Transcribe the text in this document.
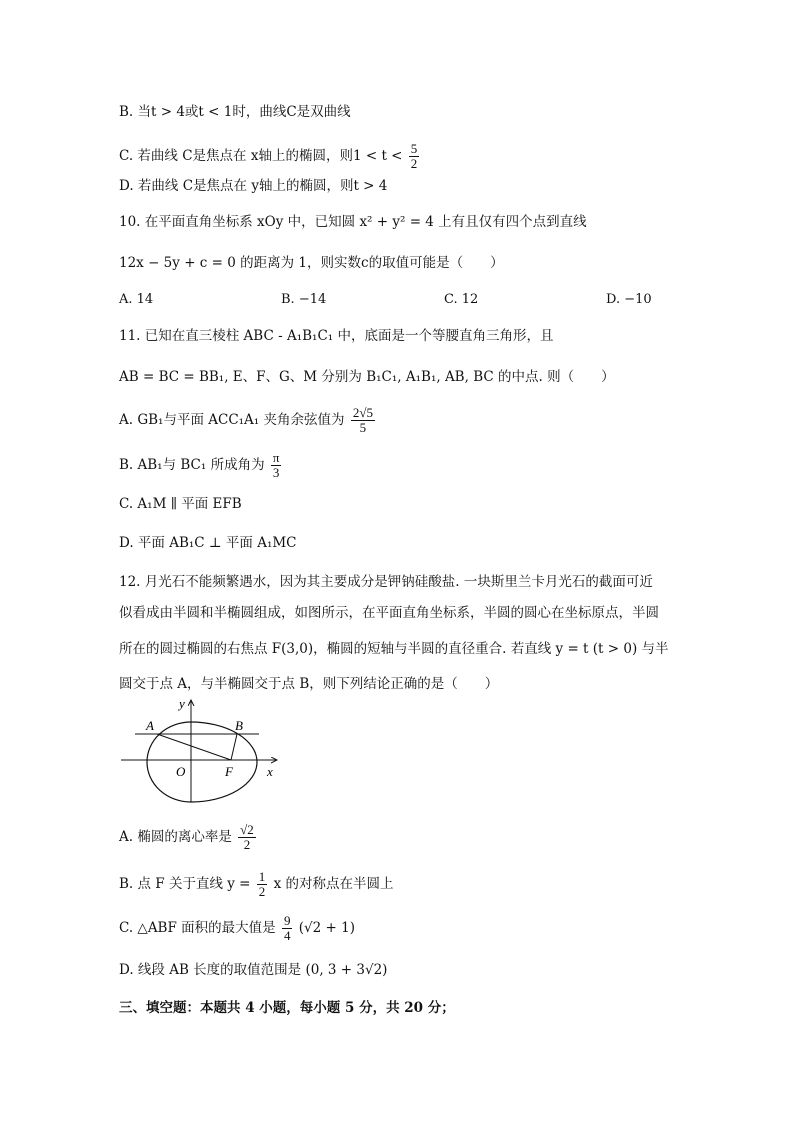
B. 当t > 4或t < 1时，曲线C是双曲线
C. 若曲线 C是焦点在 x轴上的椭圆，则$1 < t < \frac{5}{2}$
D. 若曲线 C是焦点在 y轴上的椭圆，则t > 4
10. 在平面直角坐标系 xOy 中，已知圆 x² + y² = 4 上有且仅有四个点到直线
12x − 5y + c = 0 的距离为 1，则实数c的取值可能是（　　）
A. 14	B. −14	C. 12	D. −10
11. 已知在直三棱柱 ABC - A₁B₁C₁ 中，底面是一个等腰直角三角形，且
AB = BC = BB₁, E、F、G、M 分别为 B₁C₁, A₁B₁, AB, BC 的中点. 则（　　）
A. GB₁与平面 ACC₁A₁ 夹角余弦值为 $\frac{2√5}{5}$
B. AB₁与 BC₁ 所成角为 $\frac{\pi}{3}$
C. A₁M ∥ 平面 EFB
D. 平面 AB₁C ⊥ 平面 A₁MC
12. 月光石不能频繁遇水，因为其主要成分是钾钠硅酸盐. 一块斯里兰卡月光石的截面可近
似看成由半圆和半椭圆组成，如图所示，在平面直角坐标系，半圆的圆心在坐标原点，半圆
所在的圆过椭圆的右焦点 F(3,0)，椭圆的短轴与半圆的直径重合. 若直线 y = t (t > 0) 与半
圆交于点 A，与半椭圆交于点 B，则下列结论正确的是（　　）
A	B
y
O	F	x
A. 椭圆的离心率是 $\frac{√2}{2}$
B. 点 F 关于直线 $y = \frac{1}{2}$ x 的对称点在半圆上
C. △ABF 面积的最大值是 $\frac{9}{4} (√2 + 1)$
D. 线段 AB 长度的取值范围是 (0, 3 + 3√2)
三、填空题：本题共 4 小题，每小题 5 分，共 20 分；
